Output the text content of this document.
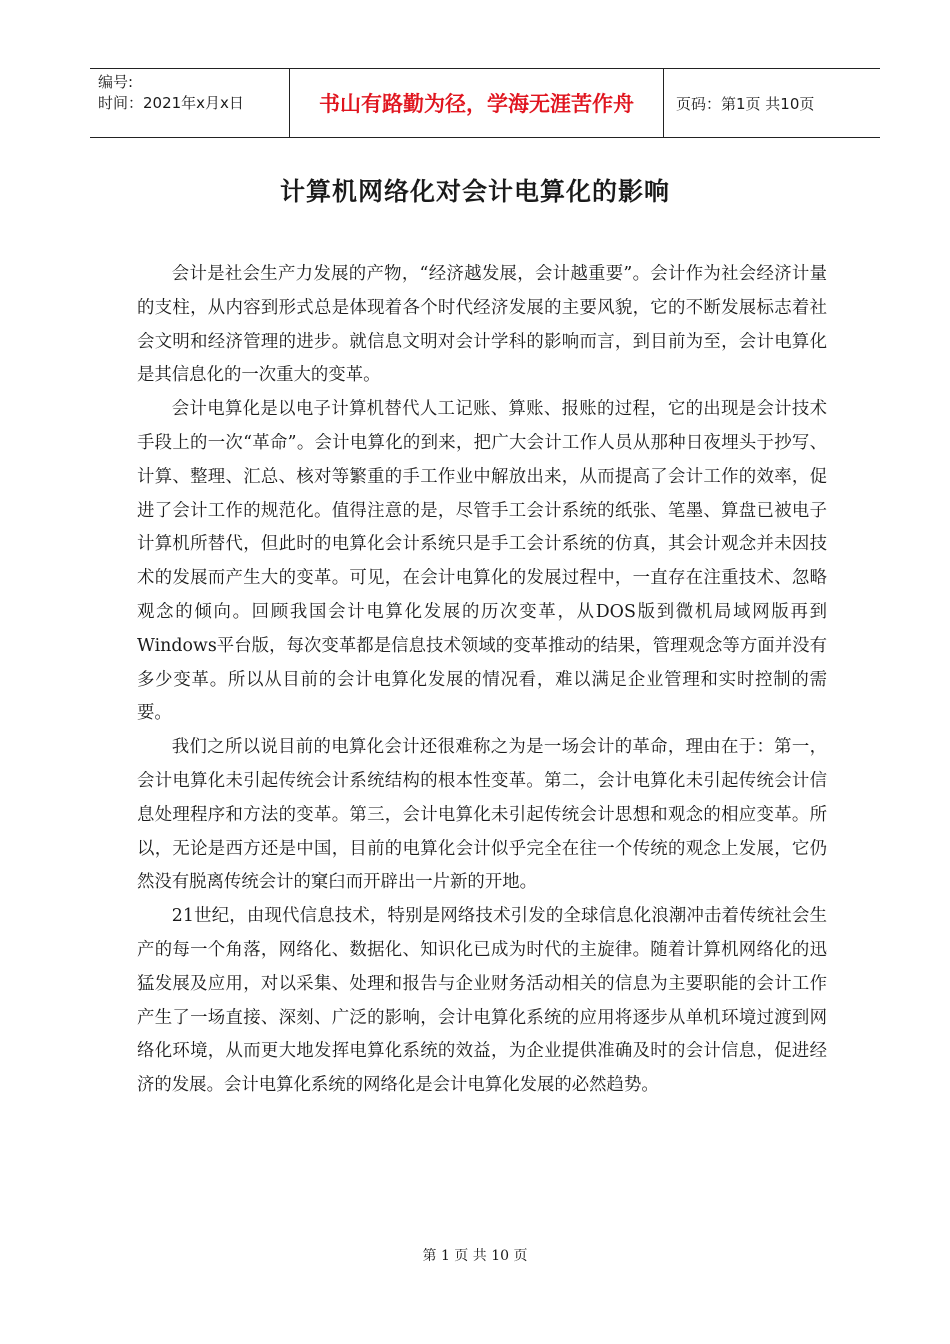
编号:
时间：2021年x月x日	书山有路勤为径，学海无涯苦作舟	页码：第1页 共10页
计算机网络化对会计电算化的影响

会计是社会生产力发展的产物，“经济越发展，会计越重要”。会计作为社会经济计量的支柱，从内容到形式总是体现着各个时代经济发展的主要风貌，它的不断发展标志着社会文明和经济管理的进步。就信息文明对会计学科的影响而言，到目前为至，会计电算化是其信息化的一次重大的变革。

会计电算化是以电子计算机替代人工记账、算账、报账的过程，它的出现是会计技术手段上的一次“革命”。会计电算化的到来，把广大会计工作人员从那种日夜埋头于抄写、计算、整理、汇总、核对等繁重的手工作业中解放出来，从而提高了会计工作的效率，促进了会计工作的规范化。值得注意的是，尽管手工会计系统的纸张、笔墨、算盘已被电子计算机所替代，但此时的电算化会计系统只是手工会计系统的仿真，其会计观念并未因技术的发展而产生大的变革。可见，在会计电算化的发展过程中，一直存在注重技术、忽略观念的倾向。回顾我国会计电算化发展的历次变革，从DOS版到微机局域网版再到Windows平台版，每次变革都是信息技术领域的变革推动的结果，管理观念等方面并没有多少变革。所以从目前的会计电算化发展的情况看，难以满足企业管理和实时控制的需要。

我们之所以说目前的电算化会计还很难称之为是一场会计的革命，理由在于：第一，会计电算化未引起传统会计系统结构的根本性变革。第二，会计电算化未引起传统会计信息处理程序和方法的变革。第三，会计电算化未引起传统会计思想和观念的相应变革。所以，无论是西方还是中国，目前的电算化会计似乎完全在往一个传统的观念上发展，它仍然没有脱离传统会计的窠臼而开辟出一片新的开地。

21世纪，由现代信息技术，特别是网络技术引发的全球信息化浪潮冲击着传统社会生产的每一个角落，网络化、数据化、知识化已成为时代的主旋律。随着计算机网络化的迅猛发展及应用，对以采集、处理和报告与企业财务活动相关的信息为主要职能的会计工作产生了一场直接、深刻、广泛的影响，会计电算化系统的应用将逐步从单机环境过渡到网络化环境，从而更大地发挥电算化系统的效益，为企业提供准确及时的会计信息，促进经济的发展。会计电算化系统的网络化是会计电算化发展的必然趋势。

第 1 页 共 10 页
